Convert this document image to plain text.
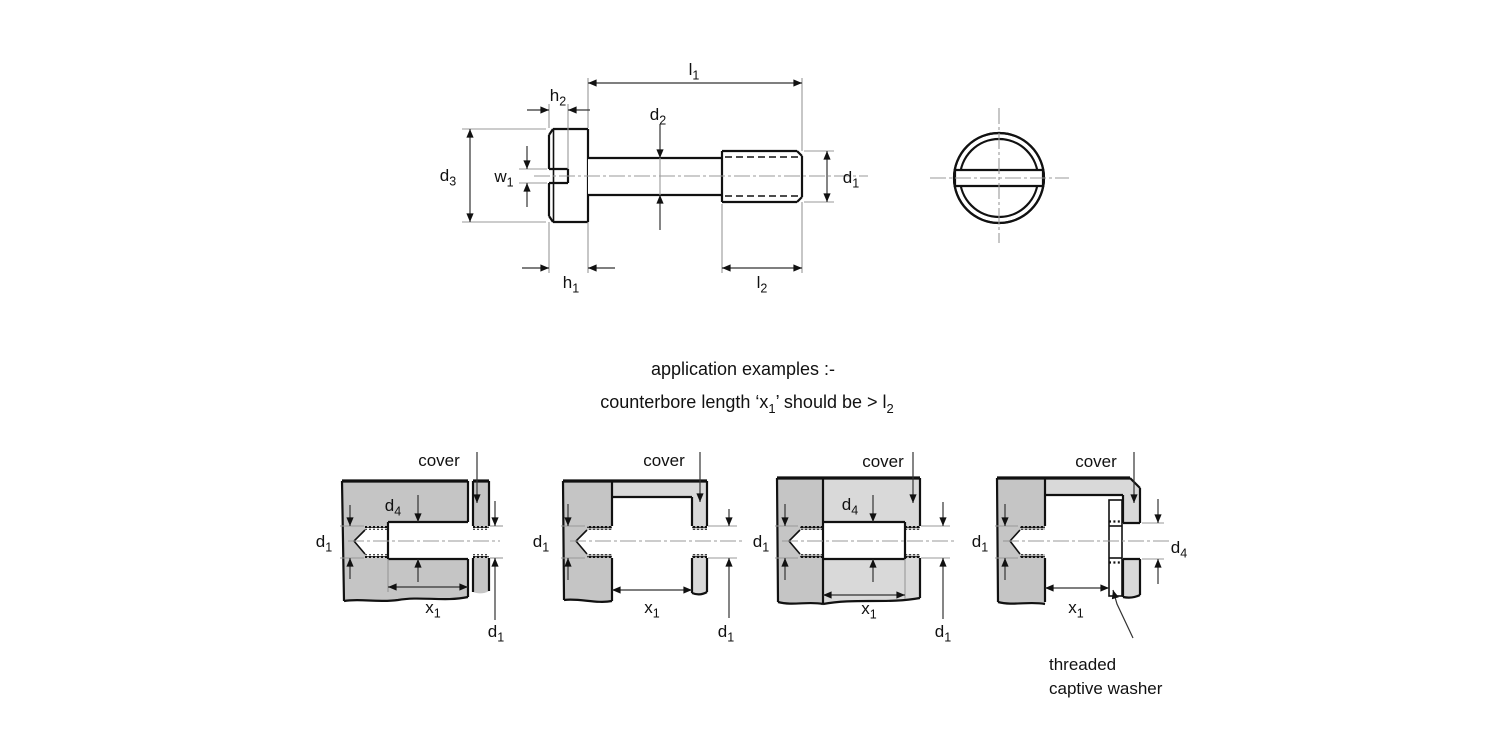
$l_1$
$h_2$
$d_2$
$d_3$ $w_1$	$d_1$
$h_1$	$l_2$
application examples :-
counterbore length ‘$x_1$’ should be > $l_2$
cover
$d_1$
$d_4$
$d_1$
$x_1$
cover
$d_1$
$d_1$
$x_1$
cover
$d_1$
$d_4$
$d_1$
$x_1$
cover
$d_1$	$d_4$
$x_1$
threaded
captive washer
